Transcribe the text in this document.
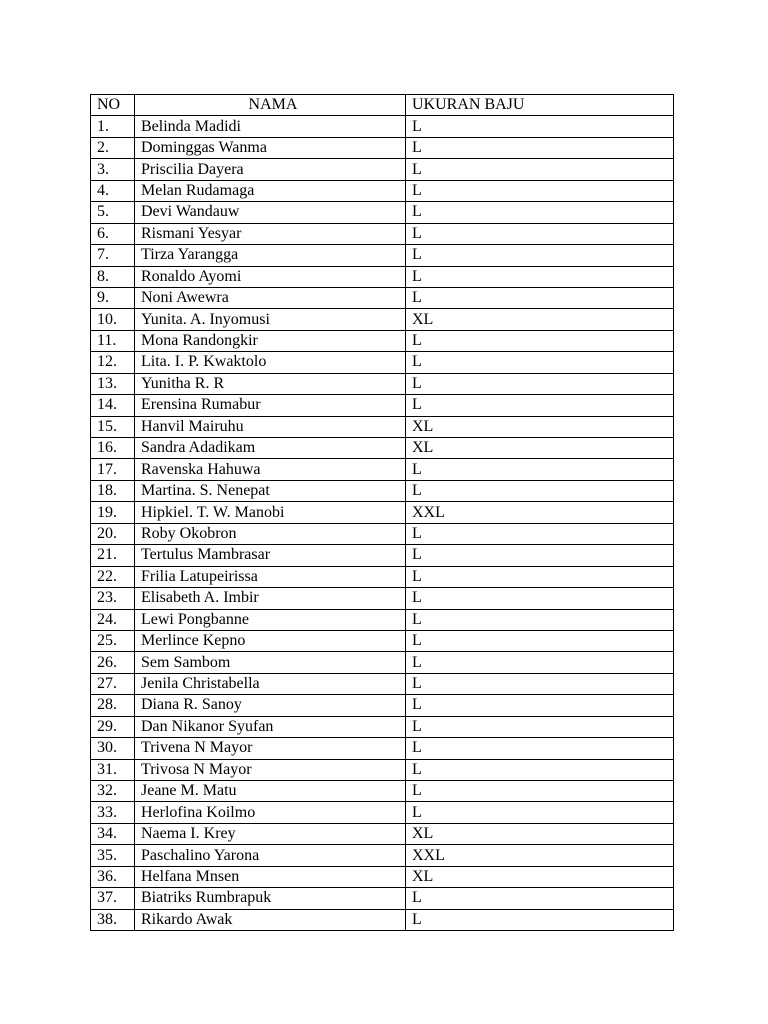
NO	NAMA	UKURAN BAJU
1.	Belinda Madidi	L
2.	Dominggas Wanma	L
3.	Priscilia Dayera	L
4.	Melan Rudamaga	L
5.	Devi Wandauw	L
6.	Rismani Yesyar	L
7.	Tirza Yarangga	L
8.	Ronaldo Ayomi	L
9.	Noni Awewra	L
10.	Yunita. A. Inyomusi	XL
11.	Mona Randongkir	L
12.	Lita. I. P. Kwaktolo	L
13.	Yunitha R. R	L
14.	Erensina Rumabur	L
15.	Hanvil Mairuhu	XL
16.	Sandra Adadikam	XL
17.	Ravenska Hahuwa	L
18.	Martina. S. Nenepat	L
19.	Hipkiel. T. W. Manobi	XXL
20.	Roby Okobron	L
21.	Tertulus Mambrasar	L
22.	Frilia Latupeirissa	L
23.	Elisabeth A. Imbir	L
24.	Lewi Pongbanne	L
25.	Merlince Kepno	L
26.	Sem Sambom	L
27.	Jenila Christabella	L
28.	Diana R. Sanoy	L
29.	Dan Nikanor Syufan	L
30.	Trivena N Mayor	L
31.	Trivosa N Mayor	L
32.	Jeane M. Matu	L
33.	Herlofina Koilmo	L
34.	Naema I. Krey	XL
35.	Paschalino Yarona	XXL
36.	Helfana Mnsen	XL
37.	Biatriks Rumbrapuk	L
38.	Rikardo Awak	L
